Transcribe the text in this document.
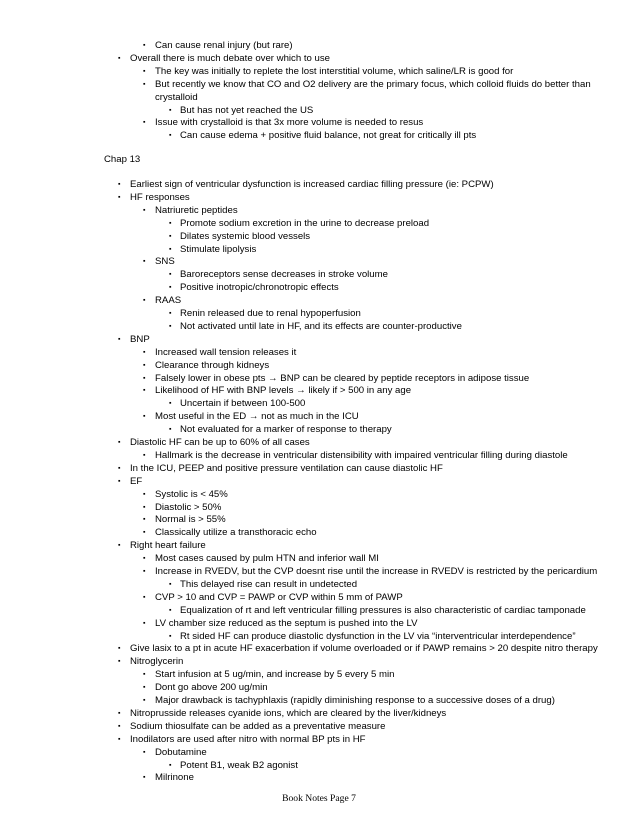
▪ Can cause renal injury (but rare)
▪ Overall there is much debate over which to use
▪ The key was initially to replete the lost interstitial volume, which saline/LR is good for
▪ But recently we know that CO and O2 delivery are the primary focus, which colloid fluids do better than crystalloid
▪ But has not yet reached the US
▪ Issue with crystalloid is that 3x more volume is needed to resus
▪ Can cause edema + positive fluid balance, not great for critically ill pts
Chap 13
▪ Earliest sign of ventricular dysfunction is increased cardiac filling pressure (ie: PCPW)
▪ HF responses
▪ Natriuretic peptides
▪ Promote sodium excretion in the urine to decrease preload
▪ Dilates systemic blood vessels
▪ Stimulate lipolysis
▪ SNS
▪ Baroreceptors sense decreases in stroke volume
▪ Positive inotropic/chronotropic effects
▪ RAAS
▪ Renin released due to renal hypoperfusion
▪ Not activated until late in HF, and its effects are counter-productive
▪ BNP
▪ Increased wall tension releases it
▪ Clearance through kidneys
▪ Falsely lower in obese pts → BNP can be cleared by peptide receptors in adipose tissue
▪ Likelihood of HF with BNP levels → likely if > 500 in any age
▪ Uncertain if between 100-500
▪ Most useful in the ED → not as much in the ICU
▪ Not evaluated for a marker of response to therapy
▪ Diastolic HF can be up to 60% of all cases
▪ Hallmark is the decrease in ventricular distensibility with impaired ventricular filling during diastole
▪ In the ICU, PEEP and positive pressure ventilation can cause diastolic HF
▪ EF
▪ Systolic is < 45%
▪ Diastolic > 50%
▪ Normal is > 55%
▪ Classically utilize a transthoracic echo
▪ Right heart failure
▪ Most cases caused by pulm HTN and inferior wall MI
▪ Increase in RVEDV, but the CVP doesnt rise until the increase in RVEDV is restricted by the pericardium
▪ This delayed rise can result in undetected
▪ CVP > 10 and CVP = PAWP or CVP within 5 mm of PAWP
▪ Equalization of rt and left ventricular filling pressures is also characteristic of cardiac tamponade
▪ LV chamber size reduced as the septum is pushed into the LV
▪ Rt sided HF can produce diastolic dysfunction in the LV via “interventricular interdependence”
▪ Give lasix to a pt in acute HF exacerbation if volume overloaded or if PAWP remains > 20 despite nitro therapy
▪ Nitroglycerin
▪ Start infusion at 5 ug/min, and increase by 5 every 5 min
▪ Dont go above 200 ug/min
▪ Major drawback is tachyphlaxis (rapidly diminishing response to a successive doses of a drug)
▪ Nitroprusside releases cyanide ions, which are cleared by the liver/kidneys
▪ Sodium thiosulfate can be added as a preventative measure
▪ Inodilators are used after nitro with normal BP pts in HF
▪ Dobutamine
▪ Potent B1, weak B2 agonist
▪ Milrinone
Book Notes Page 7
